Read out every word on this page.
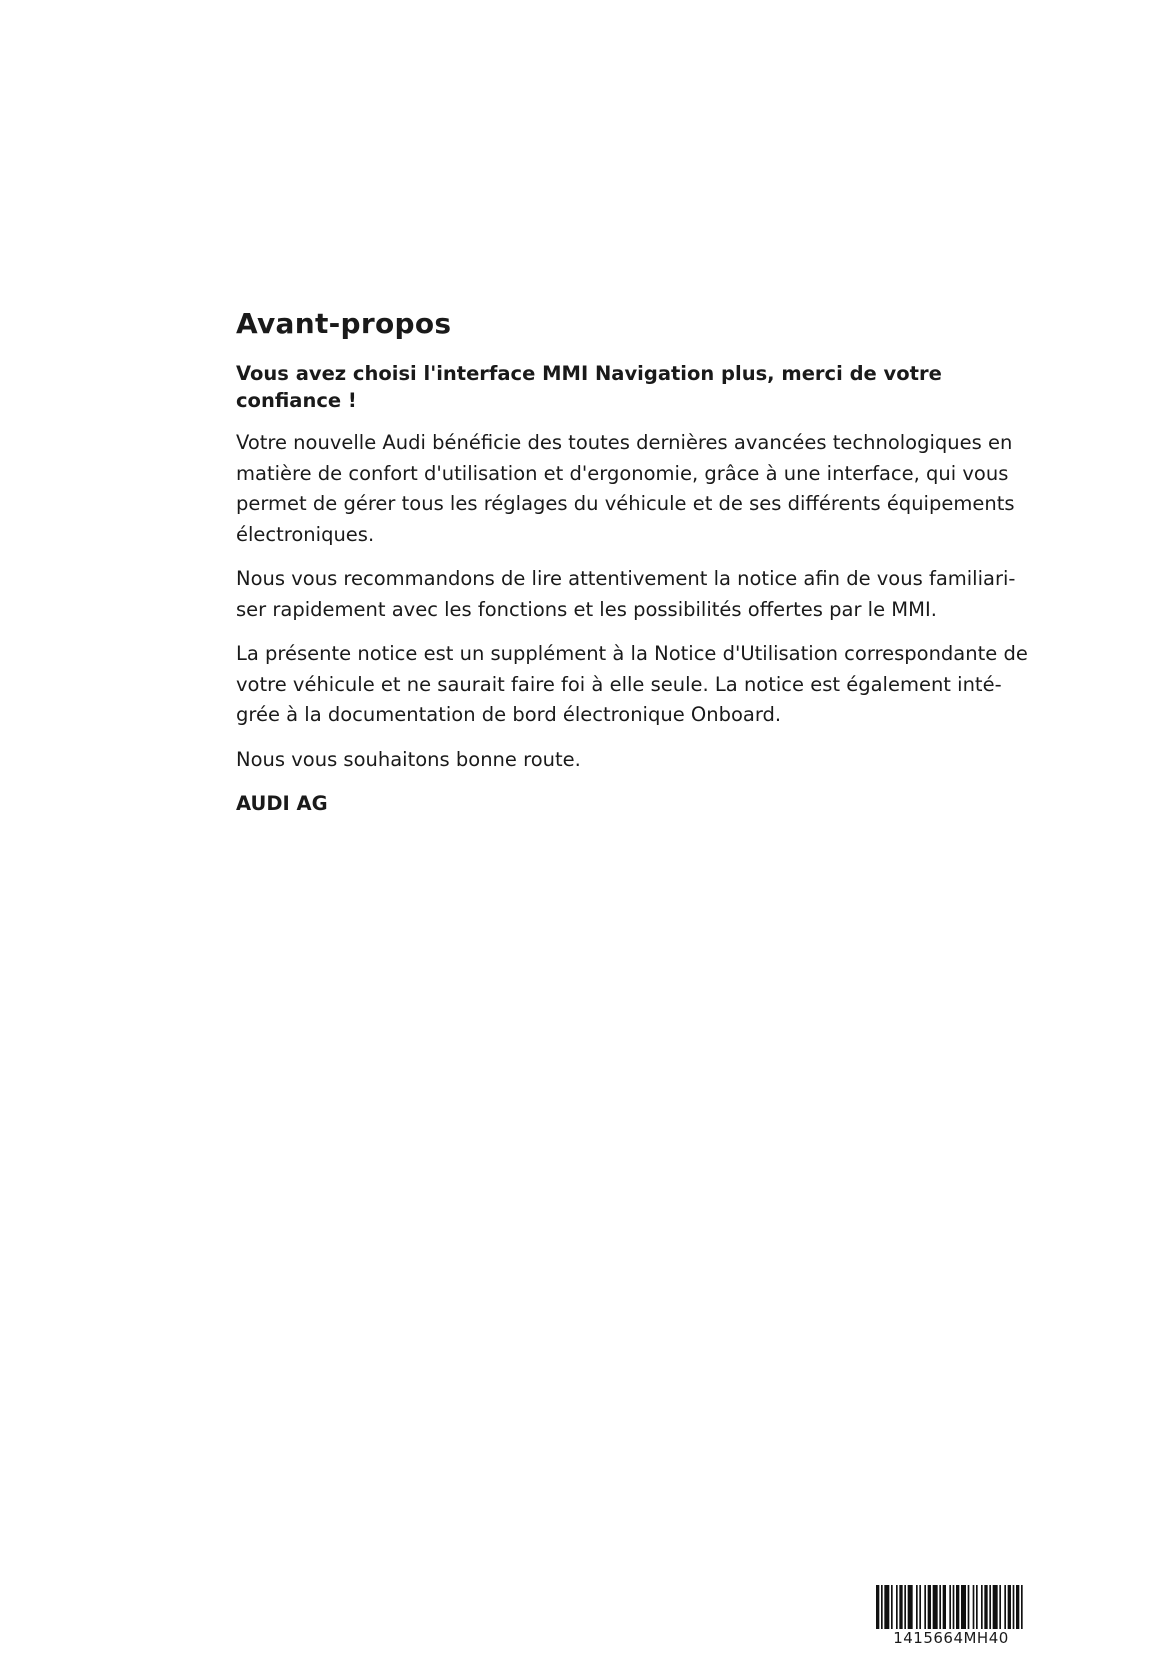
Avant-propos

Vous avez choisi l'interface MMI Navigation plus, merci de votre confiance !

Votre nouvelle Audi bénéficie des toutes dernières avancées technologiques en matière de confort d'utilisation et d'ergonomie, grâce à une interface, qui vous permet de gérer tous les réglages du véhicule et de ses différents équipements électroniques.

Nous vous recommandons de lire attentivement la notice afin de vous familiariser rapidement avec les fonctions et les possibilités offertes par le MMI.

La présente notice est un supplément à la Notice d'Utilisation correspondante de votre véhicule et ne saurait faire foi à elle seule. La notice est également intégrée à la documentation de bord électronique Onboard.

Nous vous souhaitons bonne route.

AUDI AG

1415664MH40
